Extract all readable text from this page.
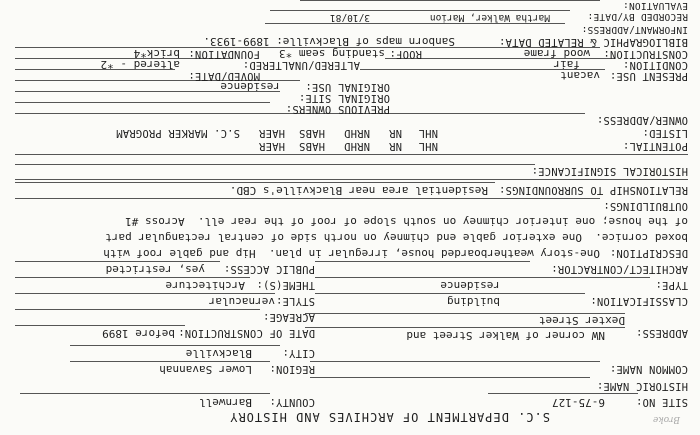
Broke
S.C. DEPARTMENT OF ARCHIVES AND HISTORY
SITE NO:
6-75-127
COUNTY:
Barnwell
HISTORIC NAME:
COMMON NAME:
REGION:
Lower Savannah
CITY:
Blackville
ADDRESS:
NW corner of Walker Street and
Dexter Street
DATE OF CONSTRUCTION:
before 1899
ACREAGE:
CLASSIFICATION:
building
STYLE:
vernacular
TYPE:
residence
THEME(S):
Architecture
ARCHITECT/CONTRACTOR:
PUBLIC ACCESS:
yes, restricted
DESCRIPTION:
One-story weatherboarded house, irregular in plan.  Hip and gable roof with
boxed cornice.  One exterior gable end chimney on north side of central rectangular part
of the house; one interior chimney on south slope of roof of the rear ell.  Across #1
OUTBUILDINGS:
RELATIONSHIP TO SURROUNDINGS:
Residential area near Blackville's CBD.
HISTORICAL SIGNIFICANCE:
POTENTIAL:
NHL
NR
NRHD
HABS
HAER
LISTED:
NHL
NR
NRHD
HABS
HAER
S.C. MARKER PROGRAM
OWNER/ADDRESS:
PREVIOUS OWNERS:
ORIGINAL SITE:
ORIGINAL USE:
residence
PRESENT USE:
vacant
MOVED/DATE:
CONDITION:
fair
ALTERED/UNALTERED:
altered - *2
CONSTRUCTION:
wood frame
ROOF:
standing seam *3
FOUNDATION:
brick*4
BIBLIOGRAPHIC & RELATED DATA:
Sanborn maps of Blackville: 1899-1933.
INFORMANT/ADDRESS:
RECORDED BY/DATE:
Martha Walker, Marion
3/10/81
EVALUATION:
